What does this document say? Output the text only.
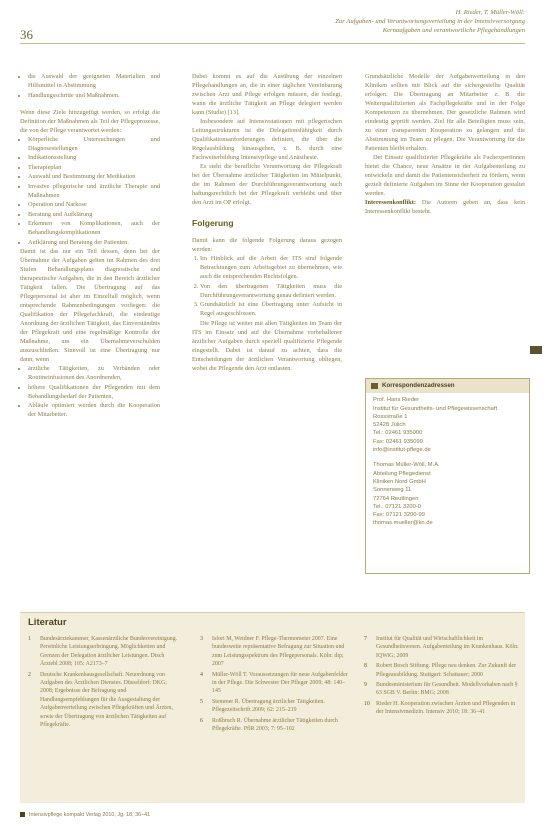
H. Rieder, T. Müller-Wöll:
Zur Aufgaben- und Verantwortungsverteilung in der Intensivversorgung
Kernaufgaben und verantwortliche Pflegehandlungen
36
• die Auswahl der geeigneten Materialien und Hilfsmittel in Abstimmung
• Handlungsschritte und Maßnahmen.

Wenn diese Ziele hinzugefügt werden, so erfolgt die Definition der Maßnahmen als Teil der Pflegeprozesse, die von der Pflege verantwortet werden:

• Körperliche Untersuchungen und Diagnosestellungen
• Indikationsstellung
• Therapieplan
• Auswahl und Bestimmung der Medikation
• Invasive pflegerische und ärztliche Therapie und Maßnahmen
• Operation und Narkose
• Beratung und Aufklärung
• Erkennen von Komplikationen, auch der Behandlungskomplikationen
• Aufklärung und Beratung der Patienten.

Damit ist das nur ein Teil dessen, denn bei der Übernahme der Aufgaben gelten im Rahmen des drei Stufen Behandlungsplans diagnostische und therapeutische Aufgaben, die in den Bereich ärztlicher Tätigkeit fallen. Die Übertragung auf das Pflegepersonal ist aber im Einzelfall möglich, wenn entsprechende Rahmenbedingungen vorliegen: die Qualifikation der Pflegefachkraft, die eindeutige Anordnung der ärztlichen Tätigkeit, das Einverständnis der Pflegekraft und eine regelmäßige Kontrolle der Maßnahme, um ein Übernahmeverschulden auszuschließen. Sinnvoll ist eine Übertragung nur dann, wenn

• ärztliche Tätigkeiten, zu Verbänden oder Routineinfusionen des Anordnenden,
• höhere Qualifikationen der Pflegenden mit dem Behandlungsbedarf der Patienten,
• Abläufe optimiert werden durch die Kooperation der Mitarbeiter.

Dabei kommt es auf die Ausübung der einzelnen Pflegehandlungen an, die in einer täglichen Vereinbarung zwischen Arzt und Pflege erfolgen müssen, die festlegt, wann die ärztliche Tätigkeit an Pflege delegiert werden kann (Studie) [13].

Insbesondere auf Intensivstationen mit pflegerischen Leitungsstrukturen ist die Delegationsfähigkeit durch Qualifikationsanforderungen definiert, die über die Regelausbildung hinausgehen, z. B. durch eine Fachweiterbildung Intensivpflege und Anästhesie.

Es steht die berufliche Verantwortung der Pflegekraft bei der Übernahme ärztlicher Tätigkeiten im Mittelpunkt, die im Rahmen der Durchführungsverantwortung auch haftungsrechtlich bei der Pflegekraft verbleibt und über den Arzt im OP erfolgt.

Folgerung

Damit kann die folgende Folgerung daraus gezogen werden:

1. Im Hinblick auf die Arbeit der ITS sind folgende Betrachtungen zum Arbeitsgebiet zu übernehmen, wie auch die entsprechenden Rechtsfolgen.
2. Von den übertragenen Tätigkeiten muss die Durchführungsverantwortung genau definiert werden.
3. Grundsätzlich ist eine Übertragung unter Aufsicht in Regel ausgeschlossen.

Die Pflege ist weiter mit allen Tätigkeiten im Team der ITS im Einsatz und auf die Übernahme vorbehaltener ärztlicher Aufgaben durch speziell qualifizierte Pflegende eingestellt. Dabei ist darauf zu achten, dass die Entscheidungen der ärztlichen Verantwortung obliegen, wobei die Pflegende den Arzt entlasten.

Grundsätzliche Modelle der Aufgabenverteilung in den Kliniken sollten mit Blick auf die sichergestellte Qualität erfolgen. Die Übertragung an Mitarbeiter z. B. die Weiterqualifizierten als Fachpflegekräfte und in der Folge Kompetenzen zu übernehmen. Der gesetzliche Rahmen wird eindeutig geprüft werden. Ziel für alle Beteiligten muss sein, zu einer transparenten Kooperation zu gelangen und die Abstimmung im Team zu pflegen. Die Verantwortung für die Patienten bleibt erhalten.

Der Einsatz qualifizierter Pflegekräfte als Fachexpertinnen bietet die Chance, neue Ansätze in der Aufgabenteilung zu entwickeln und damit die Patientensicherheit zu fördern, wenn gezielt definierte Aufgaben im Sinne der Kooperation gestaltet werden.

Interessenkonflikt: Die Autoren geben an, dass kein Interessenkonflikt besteht.

Korrespondenzadressen
Prof. Hans Rieder
Institut für Gesundheits- und Pflegewissenschaft
Rossstraße 1
52428 Jülich
Tel.: 02461 935000
Fax: 02461 935099
info@institut-pflege.de
Thomas Müller-Wöll, M.A.
Abteilung Pflegedienst
Kliniken Nord GmbH
Sonnenweg 11
72764 Reutlingen
Tel.: 07121 3200-0
Fax: 07121 3200-99
thomas.mueller@kn.de
Literatur
1 Bundesärztekammer, Kassenärztliche Bundesvereinigung. Persönliche Leistungserbringung. Möglichkeiten und Grenzen der Delegation ärztlicher Leistungen. Dtsch Ärztebl 2008; 105: A2173–7
2 Deutsche Krankenhausgesellschaft. Neuordnung von Aufgaben des Ärztlichen Dienstes. Düsseldorf: DKG; 2008; Ergebnisse der Befragung und Handlungsempfehlungen für die Ausgestaltung der Aufgabenverteilung zwischen Pflegekräften und Ärzten, sowie der Übertragung von ärztlichen Tätigkeiten auf Pflegekräfte.
3 Isfort M, Weidner F. Pflege-Thermometer 2007. Eine bundesweite repräsentative Befragung zur Situation und zum Leistungsspektrum des Pflegepersonals. Köln: dip; 2007
4 Müller-Wöll T. Voraussetzungen für neue Aufgabenfelder in der Pflege. Die Schwester Der Pfleger 2009; 48: 140–145
5 Stemmer R. Übertragung ärztlicher Tätigkeiten. Pflegezeitschrift 2009; 62: 215–219
6 Roßbruch R. Übernahme ärztlicher Tätigkeiten durch Pflegekräfte. PflR 2003; 7: 95–102
7 Institut für Qualität und Wirtschaftlichkeit im Gesundheitswesen. Aufgabenteilung im Krankenhaus. Köln: IQWiG; 2009
8 Robert Bosch Stiftung. Pflege neu denken. Zur Zukunft der Pflegeausbildung. Stuttgart: Schattauer; 2000
9 Bundesministerium für Gesundheit. Modellvorhaben nach § 63 SGB V. Berlin: BMG; 2008
10 Rieder H. Kooperation zwischen Ärzten und Pflegenden in der Intensivmedizin. Intensiv 2010; 18: 36–41
Intensivpflege kompakt Verlag 2010, Jg. 18, 36–41
